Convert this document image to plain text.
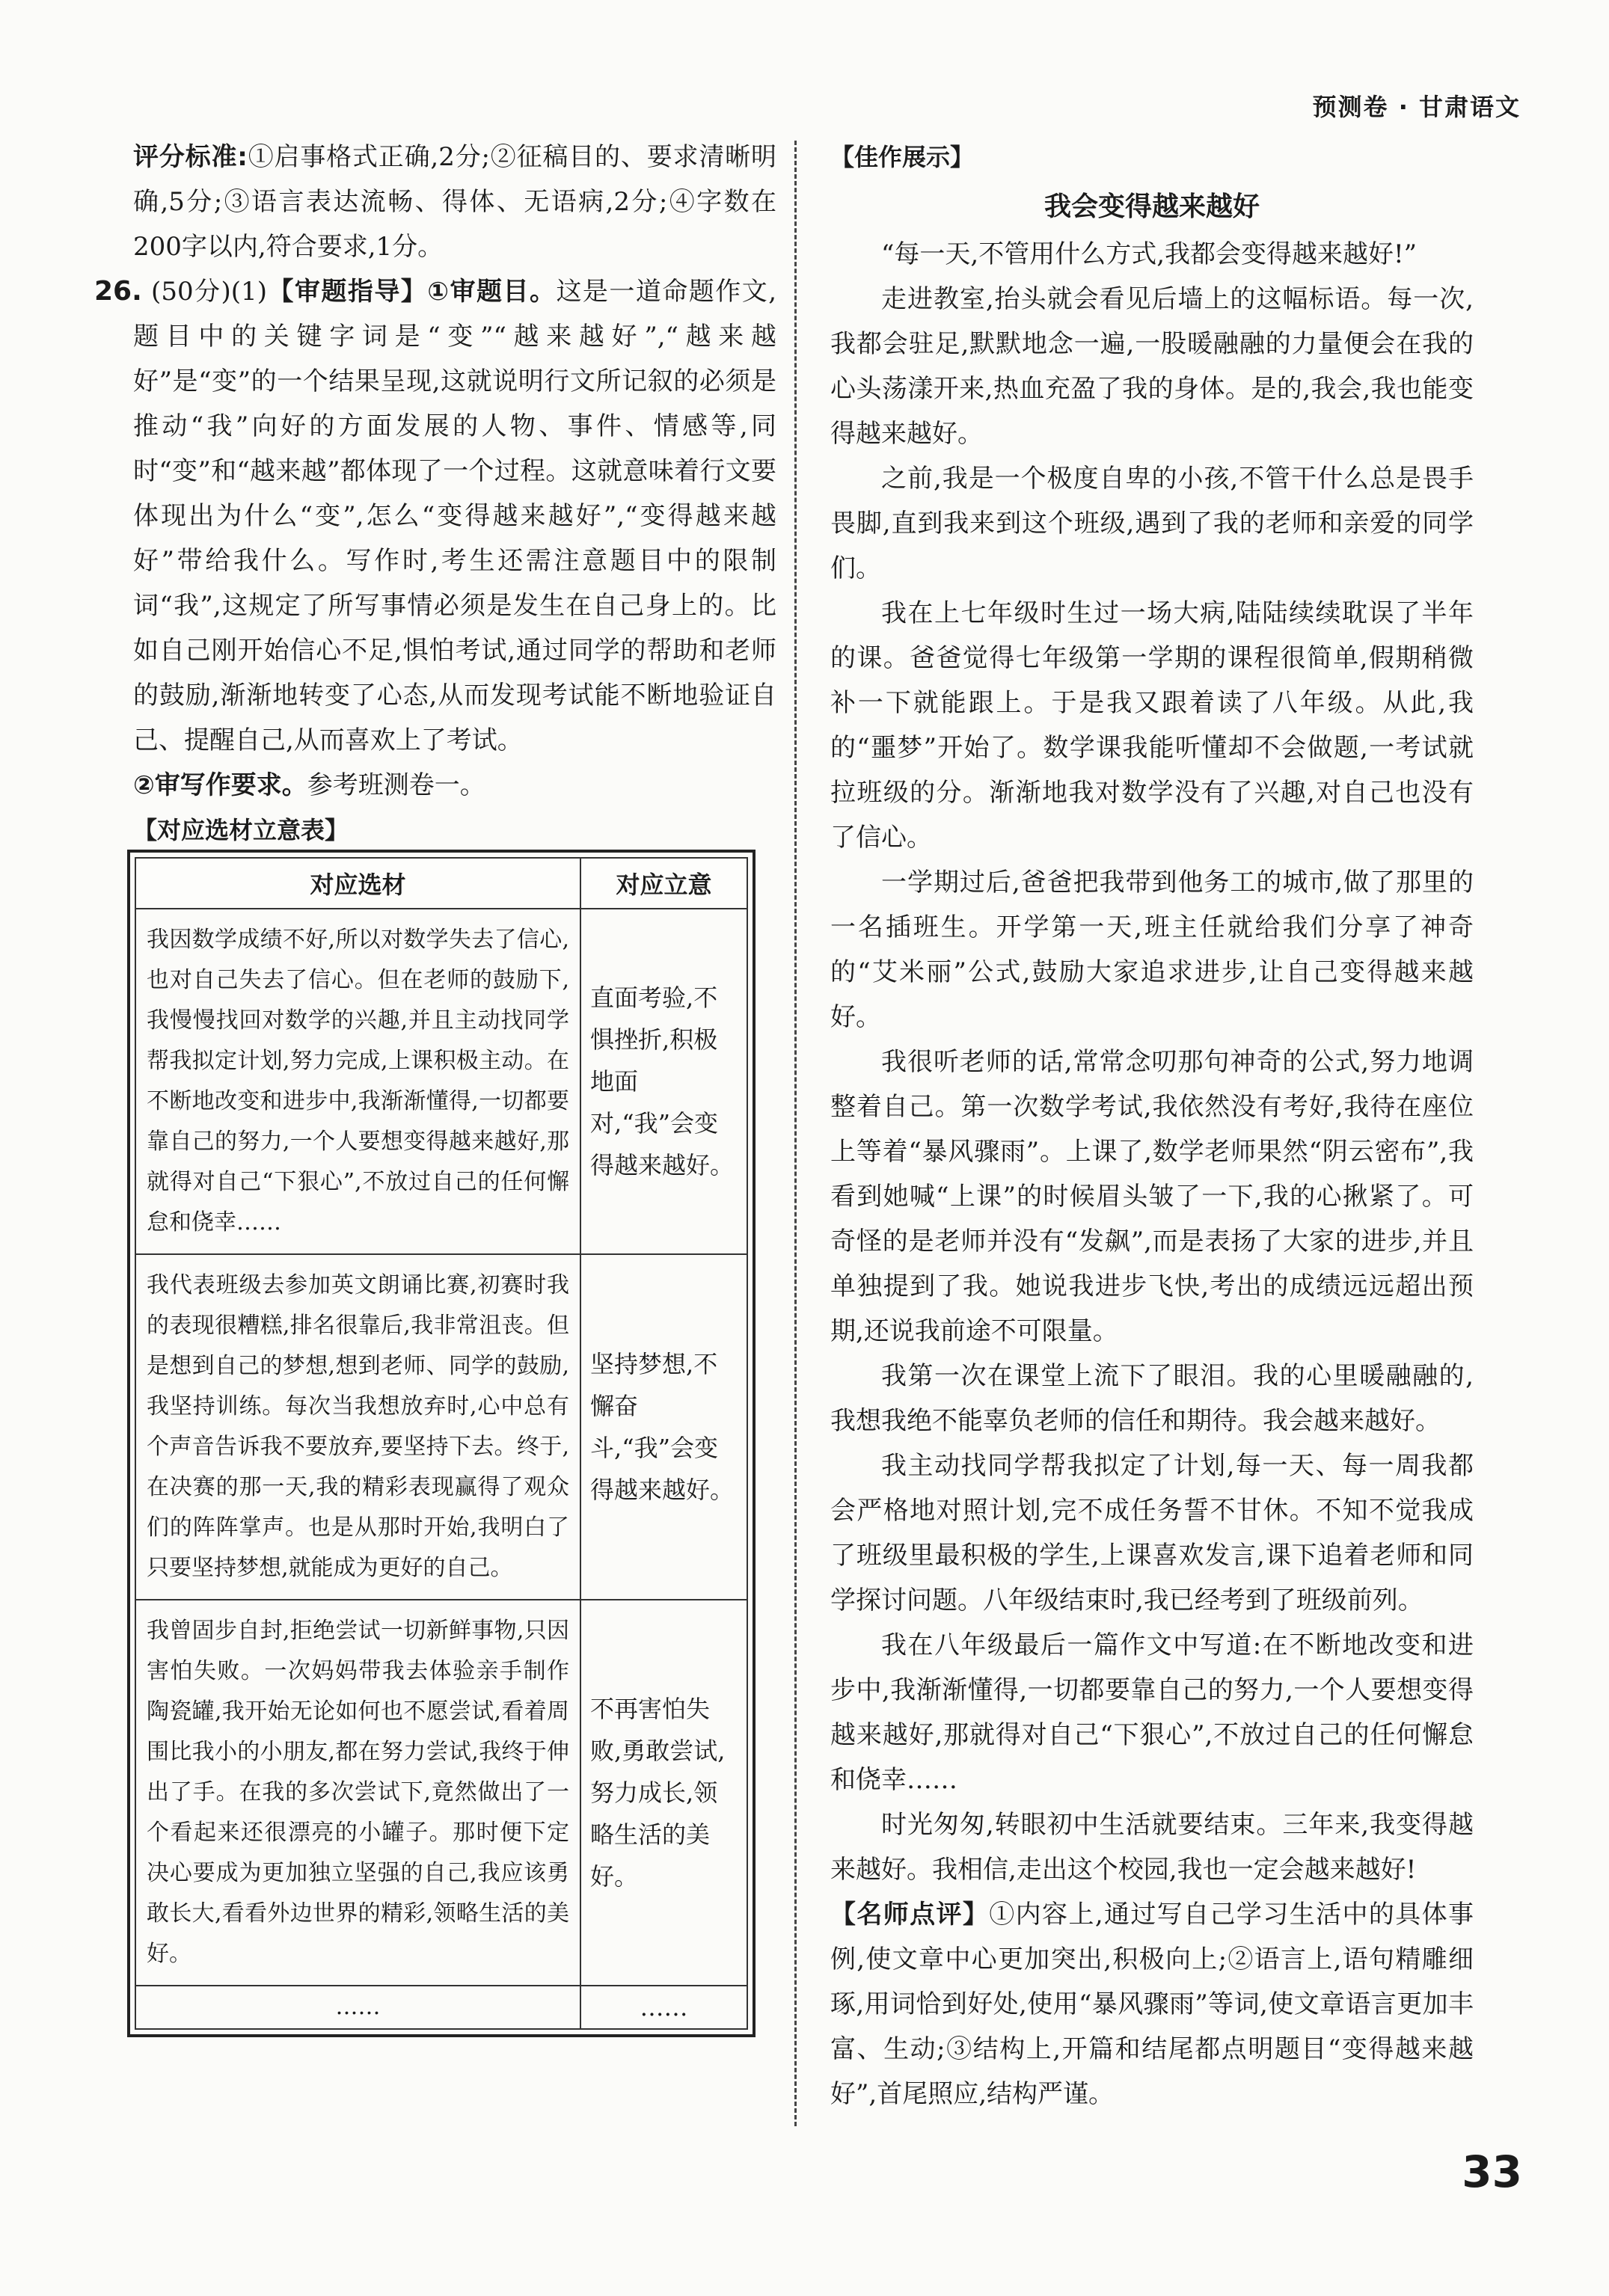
预测卷 · 甘肃语文

评分标准:①启事格式正确,2分;②征稿目的、要求清晰明确,5分;③语言表达流畅、得体、无语病,2分;④字数在200字以内,符合要求,1分。

26. (50分)(1)【审题指导】①审题目。这是一道命题作文,题目中的关键字词是“变”“越来越好”,“越来越好”是“变”的一个结果呈现,这就说明行文所记叙的必须是推动“我”向好的方面发展的人物、事件、情感等,同时“变”和“越来越”都体现了一个过程。这就意味着行文要体现出为什么“变”,怎么“变得越来越好”,“变得越来越好”带给我什么。写作时,考生还需注意题目中的限制词“我”,这规定了所写事情必须是发生在自己身上的。比如自己刚开始信心不足,惧怕考试,通过同学的帮助和老师的鼓励,渐渐地转变了心态,从而发现考试能不断地验证自己、提醒自己,从而喜欢上了考试。

②审写作要求。参考班测卷一。

【对应选材立意表】
对应选材	对应立意
我因数学成绩不好,所以对数学失去了信心,也对自己失去了信心。但在老师的鼓励下,我慢慢找回对数学的兴趣,并且主动找同学帮我拟定计划,努力完成,上课积极主动。在不断地改变和进步中,我渐渐懂得,一切都要靠自己的努力,一个人要想变得越来越好,那就得对自己“下狠心”,不放过自己的任何懈怠和侥幸……	直面考验,不惧挫折,积极地面对,“我”会变得越来越好。
我代表班级去参加英文朗诵比赛,初赛时我的表现很糟糕,排名很靠后,我非常沮丧。但是想到自己的梦想,想到老师、同学的鼓励,我坚持训练。每次当我想放弃时,心中总有个声音告诉我不要放弃,要坚持下去。终于,在决赛的那一天,我的精彩表现赢得了观众们的阵阵掌声。也是从那时开始,我明白了只要坚持梦想,就能成为更好的自己。	坚持梦想,不懈奋斗,“我”会变得越来越好。
我曾固步自封,拒绝尝试一切新鲜事物,只因害怕失败。一次妈妈带我去体验亲手制作陶瓷罐,我开始无论如何也不愿尝试,看着周围比我小的小朋友,都在努力尝试,我终于伸出了手。在我的多次尝试下,竟然做出了一个看起来还很漂亮的小罐子。那时便下定决心要成为更加独立坚强的自己,我应该勇敢长大,看看外边世界的精彩,领略生活的美好。	不再害怕失败,勇敢尝试,努力成长,领略生活的美好。
……	……
【佳作展示】
我会变得越来越好

“每一天,不管用什么方式,我都会变得越来越好!”

走进教室,抬头就会看见后墙上的这幅标语。每一次,我都会驻足,默默地念一遍,一股暖融融的力量便会在我的心头荡漾开来,热血充盈了我的身体。是的,我会,我也能变得越来越好。

之前,我是一个极度自卑的小孩,不管干什么总是畏手畏脚,直到我来到这个班级,遇到了我的老师和亲爱的同学们。

我在上七年级时生过一场大病,陆陆续续耽误了半年的课。爸爸觉得七年级第一学期的课程很简单,假期稍微补一下就能跟上。于是我又跟着读了八年级。从此,我的“噩梦”开始了。数学课我能听懂却不会做题,一考试就拉班级的分。渐渐地我对数学没有了兴趣,对自己也没有了信心。

一学期过后,爸爸把我带到他务工的城市,做了那里的一名插班生。开学第一天,班主任就给我们分享了神奇的“艾米丽”公式,鼓励大家追求进步,让自己变得越来越好。

我很听老师的话,常常念叨那句神奇的公式,努力地调整着自己。第一次数学考试,我依然没有考好,我待在座位上等着“暴风骤雨”。上课了,数学老师果然“阴云密布”,我看到她喊“上课”的时候眉头皱了一下,我的心揪紧了。可奇怪的是老师并没有“发飙”,而是表扬了大家的进步,并且单独提到了我。她说我进步飞快,考出的成绩远远超出预期,还说我前途不可限量。

我第一次在课堂上流下了眼泪。我的心里暖融融的,我想我绝不能辜负老师的信任和期待。我会越来越好。

我主动找同学帮我拟定了计划,每一天、每一周我都会严格地对照计划,完不成任务誓不甘休。不知不觉我成了班级里最积极的学生,上课喜欢发言,课下追着老师和同学探讨问题。八年级结束时,我已经考到了班级前列。

我在八年级最后一篇作文中写道:在不断地改变和进步中,我渐渐懂得,一切都要靠自己的努力,一个人要想变得越来越好,那就得对自己“下狠心”,不放过自己的任何懈怠和侥幸……

时光匆匆,转眼初中生活就要结束。三年来,我变得越来越好。我相信,走出这个校园,我也一定会越来越好!

【名师点评】①内容上,通过写自己学习生活中的具体事例,使文章中心更加突出,积极向上;②语言上,语句精雕细琢,用词恰到好处,使用“暴风骤雨”等词,使文章语言更加丰富、生动;③结构上,开篇和结尾都点明题目“变得越来越好”,首尾照应,结构严谨。

33
